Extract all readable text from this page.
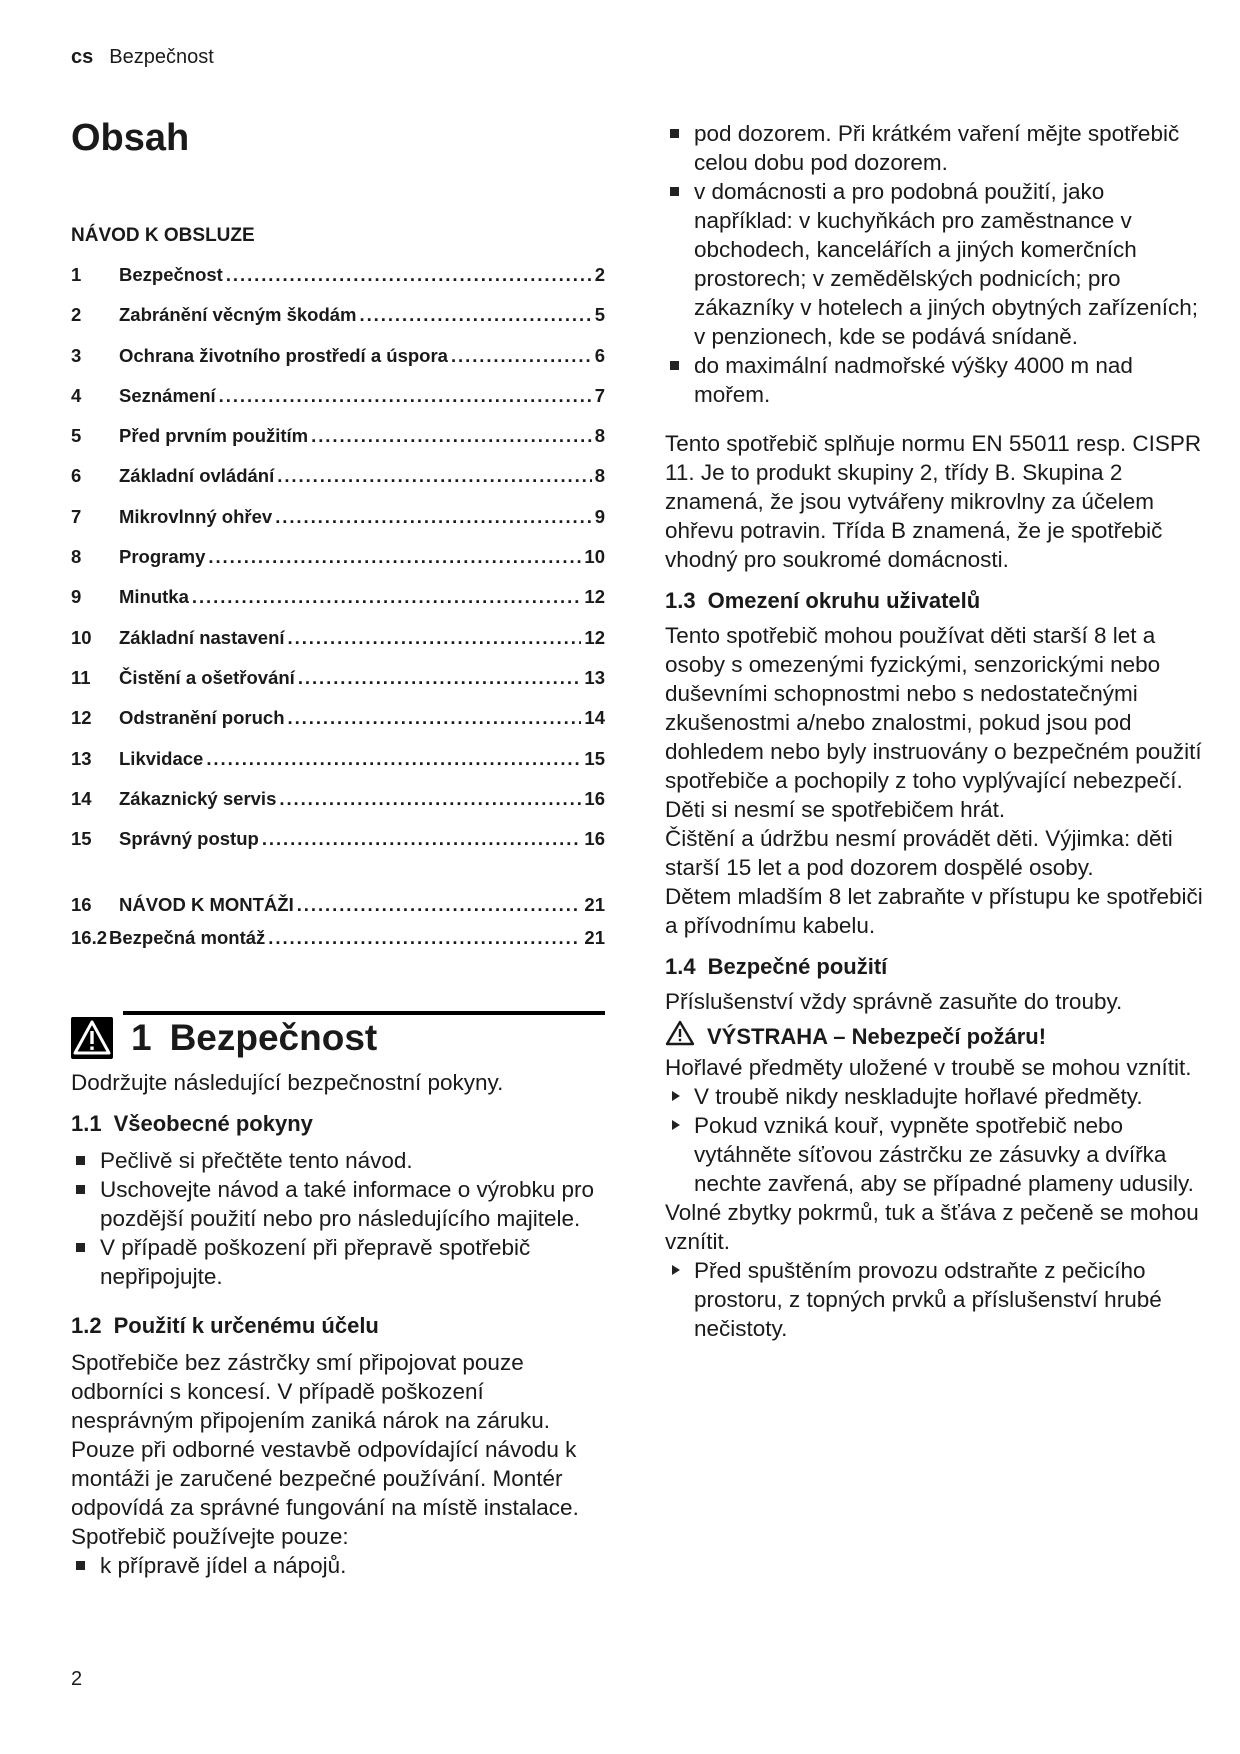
cs Bezpečnost
Obsah
NÁVOD K OBSLUZE
1	Bezpečnost . . .	2
2	Zabránění věcným škodám . . .	5
3	Ochrana životního prostředí a úspora . . .	6
4	Seznámení . . .	7
5	Před prvním použitím . . .	8
6	Základní ovládání . . .	8
7	Mikrovlnný ohřev . . .	9
8	Programy . . .	10
9	Minutka . . .	12
10	Základní nastavení . . .	12
11	Čistění a ošetřování . . .	13
12	Odstranění poruch . . .	14
13	Likvidace . . .	15
14	Zákaznický servis . . .	16
15	Správný postup . . .	16
16	NÁVOD K MONTÁŽI . . .	21
16.2 Bezpečná montáž . . .	21
1 Bezpečnost

Dodržujte následující bezpečnostní pokyny.

1.1 Všeobecné pokyny
Pečlivě si přečtěte tento návod.
Uschovejte návod a také informace o výrobku pro pozdější použití nebo pro následujícího majitele.
V případě poškození při přepravě spotřebič nepřipojujte.
1.2 Použití k určenému účelu

Spotřebiče bez zástrčky smí připojovat pouze odborníci s koncesí. V případě poškození nesprávným připojením zaniká nárok na záruku. Pouze při odborné vestavbě odpovídající návodu k montáži je zaručené bezpečné používání. Montér odpovídá za správné fungování na místě instalace.

Spotřebič používejte pouze:

k přípravě jídel a nápojů.
2
pod dozorem. Při krátkém vaření mějte spotřebič celou dobu pod dozorem.
v domácnosti a pro podobná použití, jako například: v kuchyňkách pro zaměstnance v obchodech, kancelářích a jiných komerčních prostorech; v zemědělských podnicích; pro zákazníky v hotelech a jiných obytných zařízeních; v penzionech, kde se podává snídaně.
do maximální nadmořské výšky 4000 m nad mořem.

Tento spotřebič splňuje normu EN 55011 resp. CISPR 11. Je to produkt skupiny 2, třídy B. Skupina 2 znamená, že jsou vytvářeny mikrovlny za účelem ohřevu potravin. Třída B znamená, že je spotřebič vhodný pro soukromé domácnosti.

1.3 Omezení okruhu uživatelů

Tento spotřebič mohou používat děti starší 8 let a osoby s omezenými fyzickými, senzorickými nebo duševními schopnostmi nebo s nedostatečnými zkušenostmi a/nebo znalostmi, pokud jsou pod dohledem nebo byly instruovány o bezpečném použití spotřebiče a pochopily z toho vyplývající nebezpečí.

Děti si nesmí se spotřebičem hrát.

Čištění a údržbu nesmí provádět děti. Výjimka: děti starší 15 let a pod dozorem dospělé osoby.

Dětem mladším 8 let zabraňte v přístupu ke spotřebiči a přívodnímu kabelu.

1.4 Bezpečné použití

Příslušenství vždy správně zasuňte do trouby.

VÝSTRAHA – Nebezpečí požáru!

Hořlavé předměty uložené v troubě se mohou vznítit.

V troubě nikdy neskladujte hořlavé předměty.
Pokud vzniká kouř, vypněte spotřebič nebo vytáhněte síťovou zástrčku ze zásuvky a dvířka nechte zavřená, aby se případné plameny udusily.

Volné zbytky pokrmů, tuk a šťáva z pečeně se mohou vznítit.

Před spuštěním provozu odstraňte z pečicího prostoru, z topných prvků a příslušenství hrubé nečistoty.
